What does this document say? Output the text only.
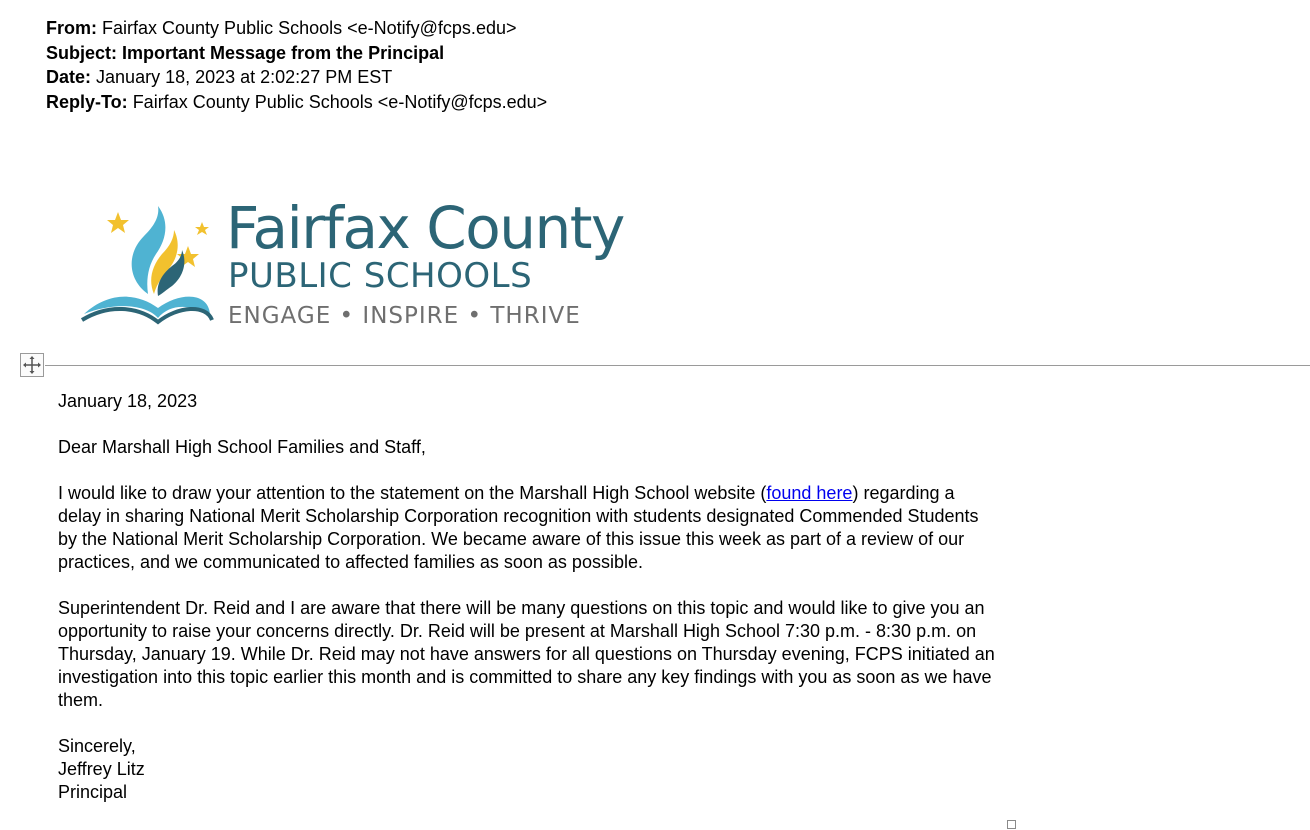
From: Fairfax County Public Schools <e-Notify@fcps.edu>
Subject: Important Message from the Principal
Date: January 18, 2023 at 2:02:27 PM EST
Reply-To: Fairfax County Public Schools <e-Notify@fcps.edu>
Fairfax County
PUBLIC SCHOOLS
ENGAGE • INSPIRE • THRIVE

January 18, 2023

Dear Marshall High School Families and Staff,

I would like to draw your attention to the statement on the Marshall High School website (found here) regarding a delay in sharing National Merit Scholarship Corporation recognition with students designated Commended Students by the National Merit Scholarship Corporation. We became aware of this issue this week as part of a review of our practices, and we communicated to affected families as soon as possible.

Superintendent Dr. Reid and I are aware that there will be many questions on this topic and would like to give you an opportunity to raise your concerns directly. Dr. Reid will be present at Marshall High School 7:30 p.m. - 8:30 p.m. on Thursday, January 19. While Dr. Reid may not have answers for all questions on Thursday evening, FCPS initiated an investigation into this topic earlier this month and is committed to share any key findings with you as soon as we have them.

Sincerely,

Jeffrey Litz

Principal
